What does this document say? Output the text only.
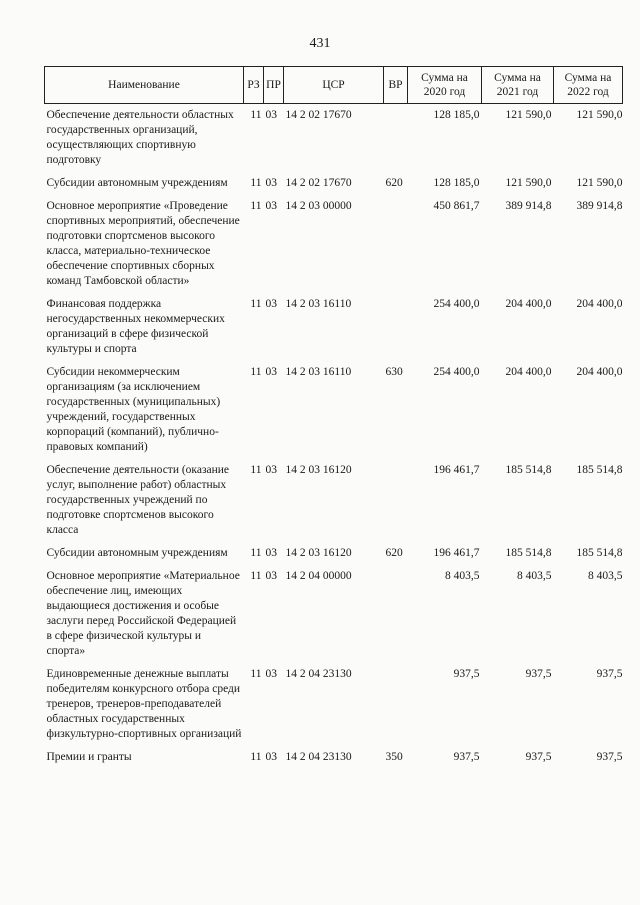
431
Наименование	РЗ	ПР	ЦСР	ВР	Сумма на 2020 год	Сумма на 2021 год	Сумма на 2022 год
Обеспечение деятельности областных государственных организаций, осуществляющих спортивную подготовку	11	03	14 2 02 17670		128 185,0	121 590,0	121 590,0
Субсидии автономным учреждениям	11	03	14 2 02 17670	620	128 185,0	121 590,0	121 590,0
Основное мероприятие «Проведение спортивных мероприятий, обеспечение подготовки спортсменов высокого класса, материально-техническое обеспечение спортивных сборных команд Тамбовской области»	11	03	14 2 03 00000		450 861,7	389 914,8	389 914,8
Финансовая поддержка негосударственных некоммерческих организаций в сфере физической культуры и спорта	11	03	14 2 03 16110		254 400,0	204 400,0	204 400,0
Субсидии некоммерческим организациям (за исключением государственных (муниципальных) учреждений, государственных корпораций (компаний), публично-правовых компаний)	11	03	14 2 03 16110	630	254 400,0	204 400,0	204 400,0
Обеспечение деятельности (оказание услуг, выполнение работ) областных государственных учреждений по подготовке спортсменов высокого класса	11	03	14 2 03 16120		196 461,7	185 514,8	185 514,8
Субсидии автономным учреждениям	11	03	14 2 03 16120	620	196 461,7	185 514,8	185 514,8
Основное мероприятие «Материальное обеспечение лиц, имеющих выдающиеся достижения и особые заслуги перед Российской Федерацией в сфере физической культуры и спорта»	11	03	14 2 04 00000		8 403,5	8 403,5	8 403,5
Единовременные денежные выплаты победителям конкурсного отбора среди тренеров, тренеров-преподавателей областных государственных физкультурно-спортивных организаций	11	03	14 2 04 23130		937,5	937,5	937,5
Премии и гранты	11	03	14 2 04 23130	350	937,5	937,5	937,5
